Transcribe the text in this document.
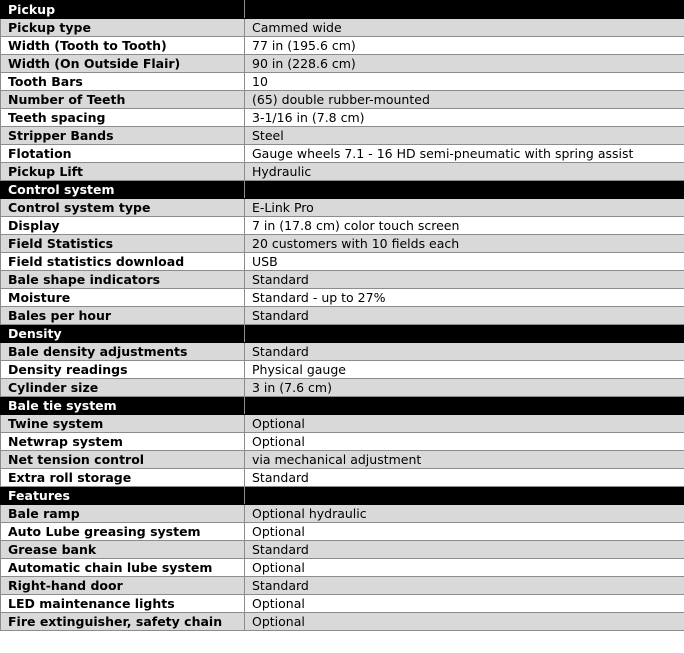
Pickup	
Pickup type	Cammed wide
Width (Tooth to Tooth)	77 in (195.6 cm)
Width (On Outside Flair)	90 in (228.6 cm)
Tooth Bars	10
Number of Teeth	(65) double rubber-mounted
Teeth spacing	3-1/16 in (7.8 cm)
Stripper Bands	Steel
Flotation	Gauge wheels 7.1 - 16 HD semi-pneumatic with spring assist
Pickup Lift	Hydraulic
Control system	
Control system type	E-Link Pro
Display	7 in (17.8 cm) color touch screen
Field Statistics	20 customers with 10 fields each
Field statistics download	USB
Bale shape indicators	Standard
Moisture	Standard - up to 27%
Bales per hour	Standard
Density	
Bale density adjustments	Standard
Density readings	Physical gauge
Cylinder size	3 in (7.6 cm)
Bale tie system	
Twine system	Optional
Netwrap system	Optional
Net tension control	via mechanical adjustment
Extra roll storage	Standard
Features	
Bale ramp	Optional hydraulic
Auto Lube greasing system	Optional
Grease bank	Standard
Automatic chain lube system	Optional
Right-hand door	Standard
LED maintenance lights	Optional
Fire extinguisher, safety chain	Optional
